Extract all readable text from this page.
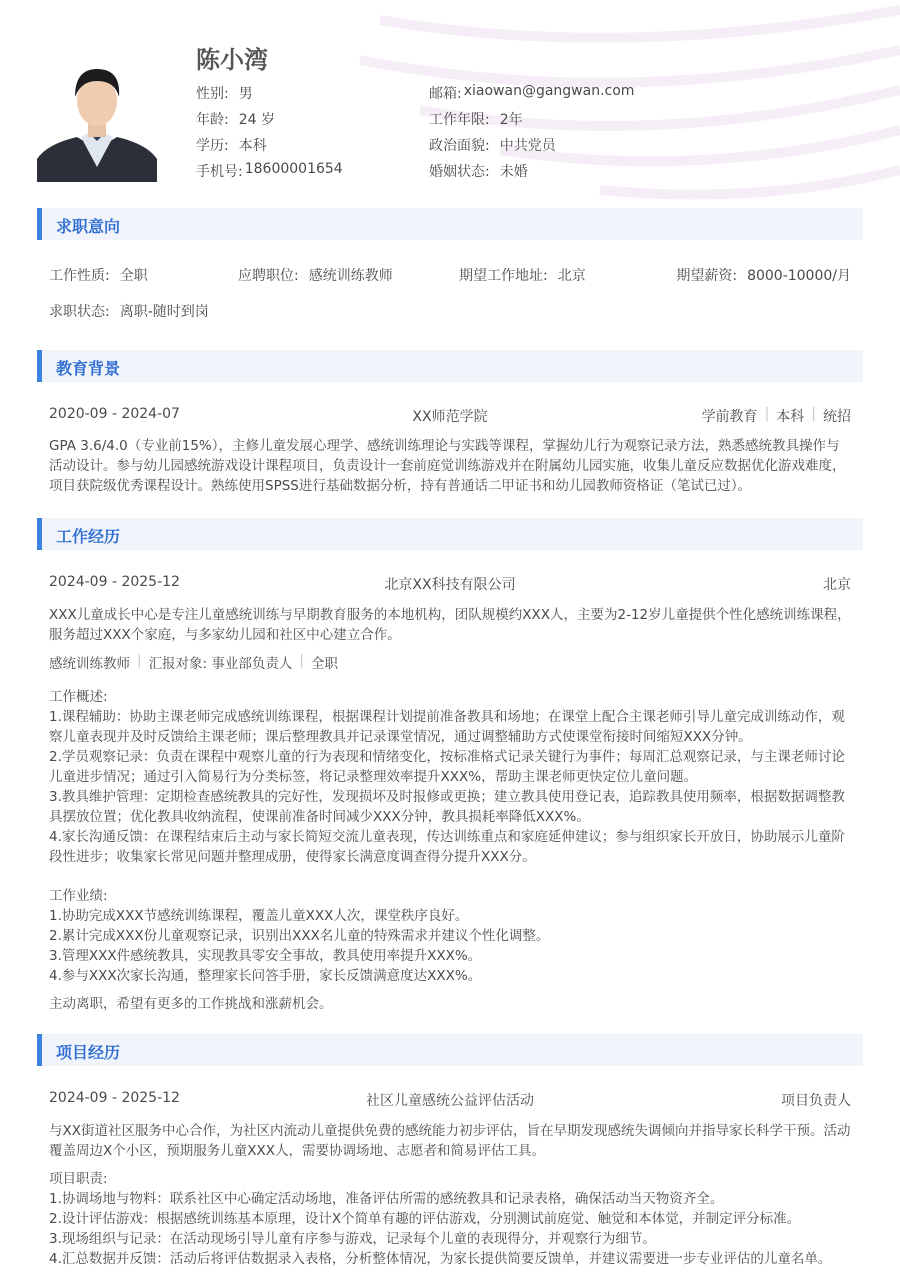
陈小湾
性别: 男	邮箱: xiaowan@gangwan.com
年龄: 24 岁	工作年限: 2年
学历: 本科	政治面貌: 中共党员
手机号: 18600001654	婚姻状态: 未婚
求职意向
工作性质: 全职	应聘职位: 感统训练教师	期望工作地址: 北京	期望薪资: 8000-10000/月
求职状态: 离职-随时到岗
教育背景
2020-09 - 2024-07	XX师范学院	学前教育 | 本科 | 统招

GPA 3.6/4.0（专业前15%），主修儿童发展心理学、感统训练理论与实践等课程，掌握幼儿行为观察记录方法，熟悉感统教具操作与活动设计。参与幼儿园感统游戏设计课程项目，负责设计一套前庭觉训练游戏并在附属幼儿园实施，收集儿童反应数据优化游戏难度，项目获院级优秀课程设计。熟练使用SPSS进行基础数据分析，持有普通话二甲证书和幼儿园教师资格证（笔试已过）。

工作经历
2024-09 - 2025-12	北京XX科技有限公司	北京

XXX儿童成长中心是专注儿童感统训练与早期教育服务的本地机构，团队规模约XXX人，主要为2-12岁儿童提供个性化感统训练课程，服务超过XXX个家庭，与多家幼儿园和社区中心建立合作。

感统训练教师 | 汇报对象: 事业部负责人 | 全职
工作概述:
1.课程辅助：协助主课老师完成感统训练课程，根据课程计划提前准备教具和场地；在课堂上配合主课老师引导儿童完成训练动作，观察儿童表现并及时反馈给主课老师；课后整理教具并记录课堂情况，通过调整辅助方式使课堂衔接时间缩短XXX分钟。
2.学员观察记录：负责在课程中观察儿童的行为表现和情绪变化，按标准格式记录关键行为事件；每周汇总观察记录，与主课老师讨论儿童进步情况；通过引入简易行为分类标签，将记录整理效率提升XXX%，帮助主课老师更快定位儿童问题。
3.教具维护管理：定期检查感统教具的完好性，发现损坏及时报修或更换；建立教具使用登记表，追踪教具使用频率，根据数据调整教具摆放位置；优化教具收纳流程，使课前准备时间减少XXX分钟，教具损耗率降低XXX%。
4.家长沟通反馈：在课程结束后主动与家长简短交流儿童表现，传达训练重点和家庭延伸建议；参与组织家长开放日，协助展示儿童阶段性进步；收集家长常见问题并整理成册，使得家长满意度调查得分提升XXX分。
工作业绩:
1.协助完成XXX节感统训练课程，覆盖儿童XXX人次，课堂秩序良好。
2.累计完成XXX份儿童观察记录，识别出XXX名儿童的特殊需求并建议个性化调整。
3.管理XXX件感统教具，实现教具零安全事故，教具使用率提升XXX%。
4.参与XXX次家长沟通，整理家长问答手册，家长反馈满意度达XXX%。
主动离职，希望有更多的工作挑战和涨薪机会。
项目经历
2024-09 - 2025-12	社区儿童感统公益评估活动	项目负责人

与XX街道社区服务中心合作，为社区内流动儿童提供免费的感统能力初步评估，旨在早期发现感统失调倾向并指导家长科学干预。活动覆盖周边X个小区，预期服务儿童XXX人，需要协调场地、志愿者和简易评估工具。

项目职责:
1.协调场地与物料：联系社区中心确定活动场地，准备评估所需的感统教具和记录表格，确保活动当天物资齐全。
2.设计评估游戏：根据感统训练基本原理，设计X个简单有趣的评估游戏，分别测试前庭觉、触觉和本体觉，并制定评分标准。
3.现场组织与记录：在活动现场引导儿童有序参与游戏，记录每个儿童的表现得分，并观察行为细节。
4.汇总数据并反馈：活动后将评估数据录入表格，分析整体情况，为家长提供简要反馈单，并建议需要进一步专业评估的儿童名单。
